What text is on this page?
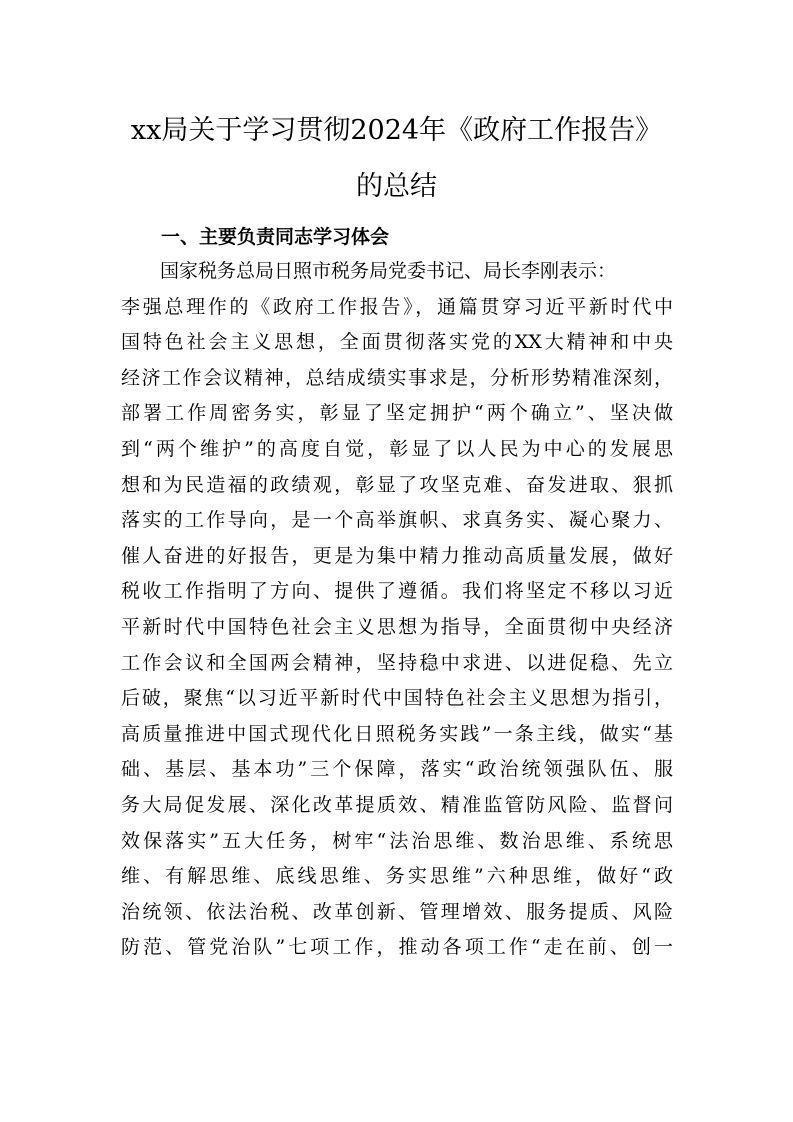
xx局关于学习贯彻2024年《政府工作报告》
的总结
一、主要负责同志学习体会
国家税务总局日照市税务局党委书记、局长李刚表示：
李强总理作的《政府工作报告》，通篇贯穿习近平新时代中
国特色社会主义思想，全面贯彻落实党的XX大精神和中央
经济工作会议精神，总结成绩实事求是，分析形势精准深刻，
部署工作周密务实，彰显了坚定拥护“两个确立”、坚决做
到“两个维护”的高度自觉，彰显了以人民为中心的发展思
想和为民造福的政绩观，彰显了攻坚克难、奋发进取、狠抓
落实的工作导向，是一个高举旗帜、求真务实、凝心聚力、
催人奋进的好报告，更是为集中精力推动高质量发展，做好
税收工作指明了方向、提供了遵循。我们将坚定不移以习近
平新时代中国特色社会主义思想为指导，全面贯彻中央经济
工作会议和全国两会精神，坚持稳中求进、以进促稳、先立
后破，聚焦“以习近平新时代中国特色社会主义思想为指引，
高质量推进中国式现代化日照税务实践”一条主线，做实“基
础、基层、基本功”三个保障，落实“政治统领强队伍、服
务大局促发展、深化改革提质效、精准监管防风险、监督问
效保落实”五大任务，树牢“法治思维、数治思维、系统思
维、有解思维、底线思维、务实思维”六种思维，做好“政
治统领、依法治税、改革创新、管理增效、服务提质、风险
防范、管党治队”七项工作，推动各项工作“走在前、创一
